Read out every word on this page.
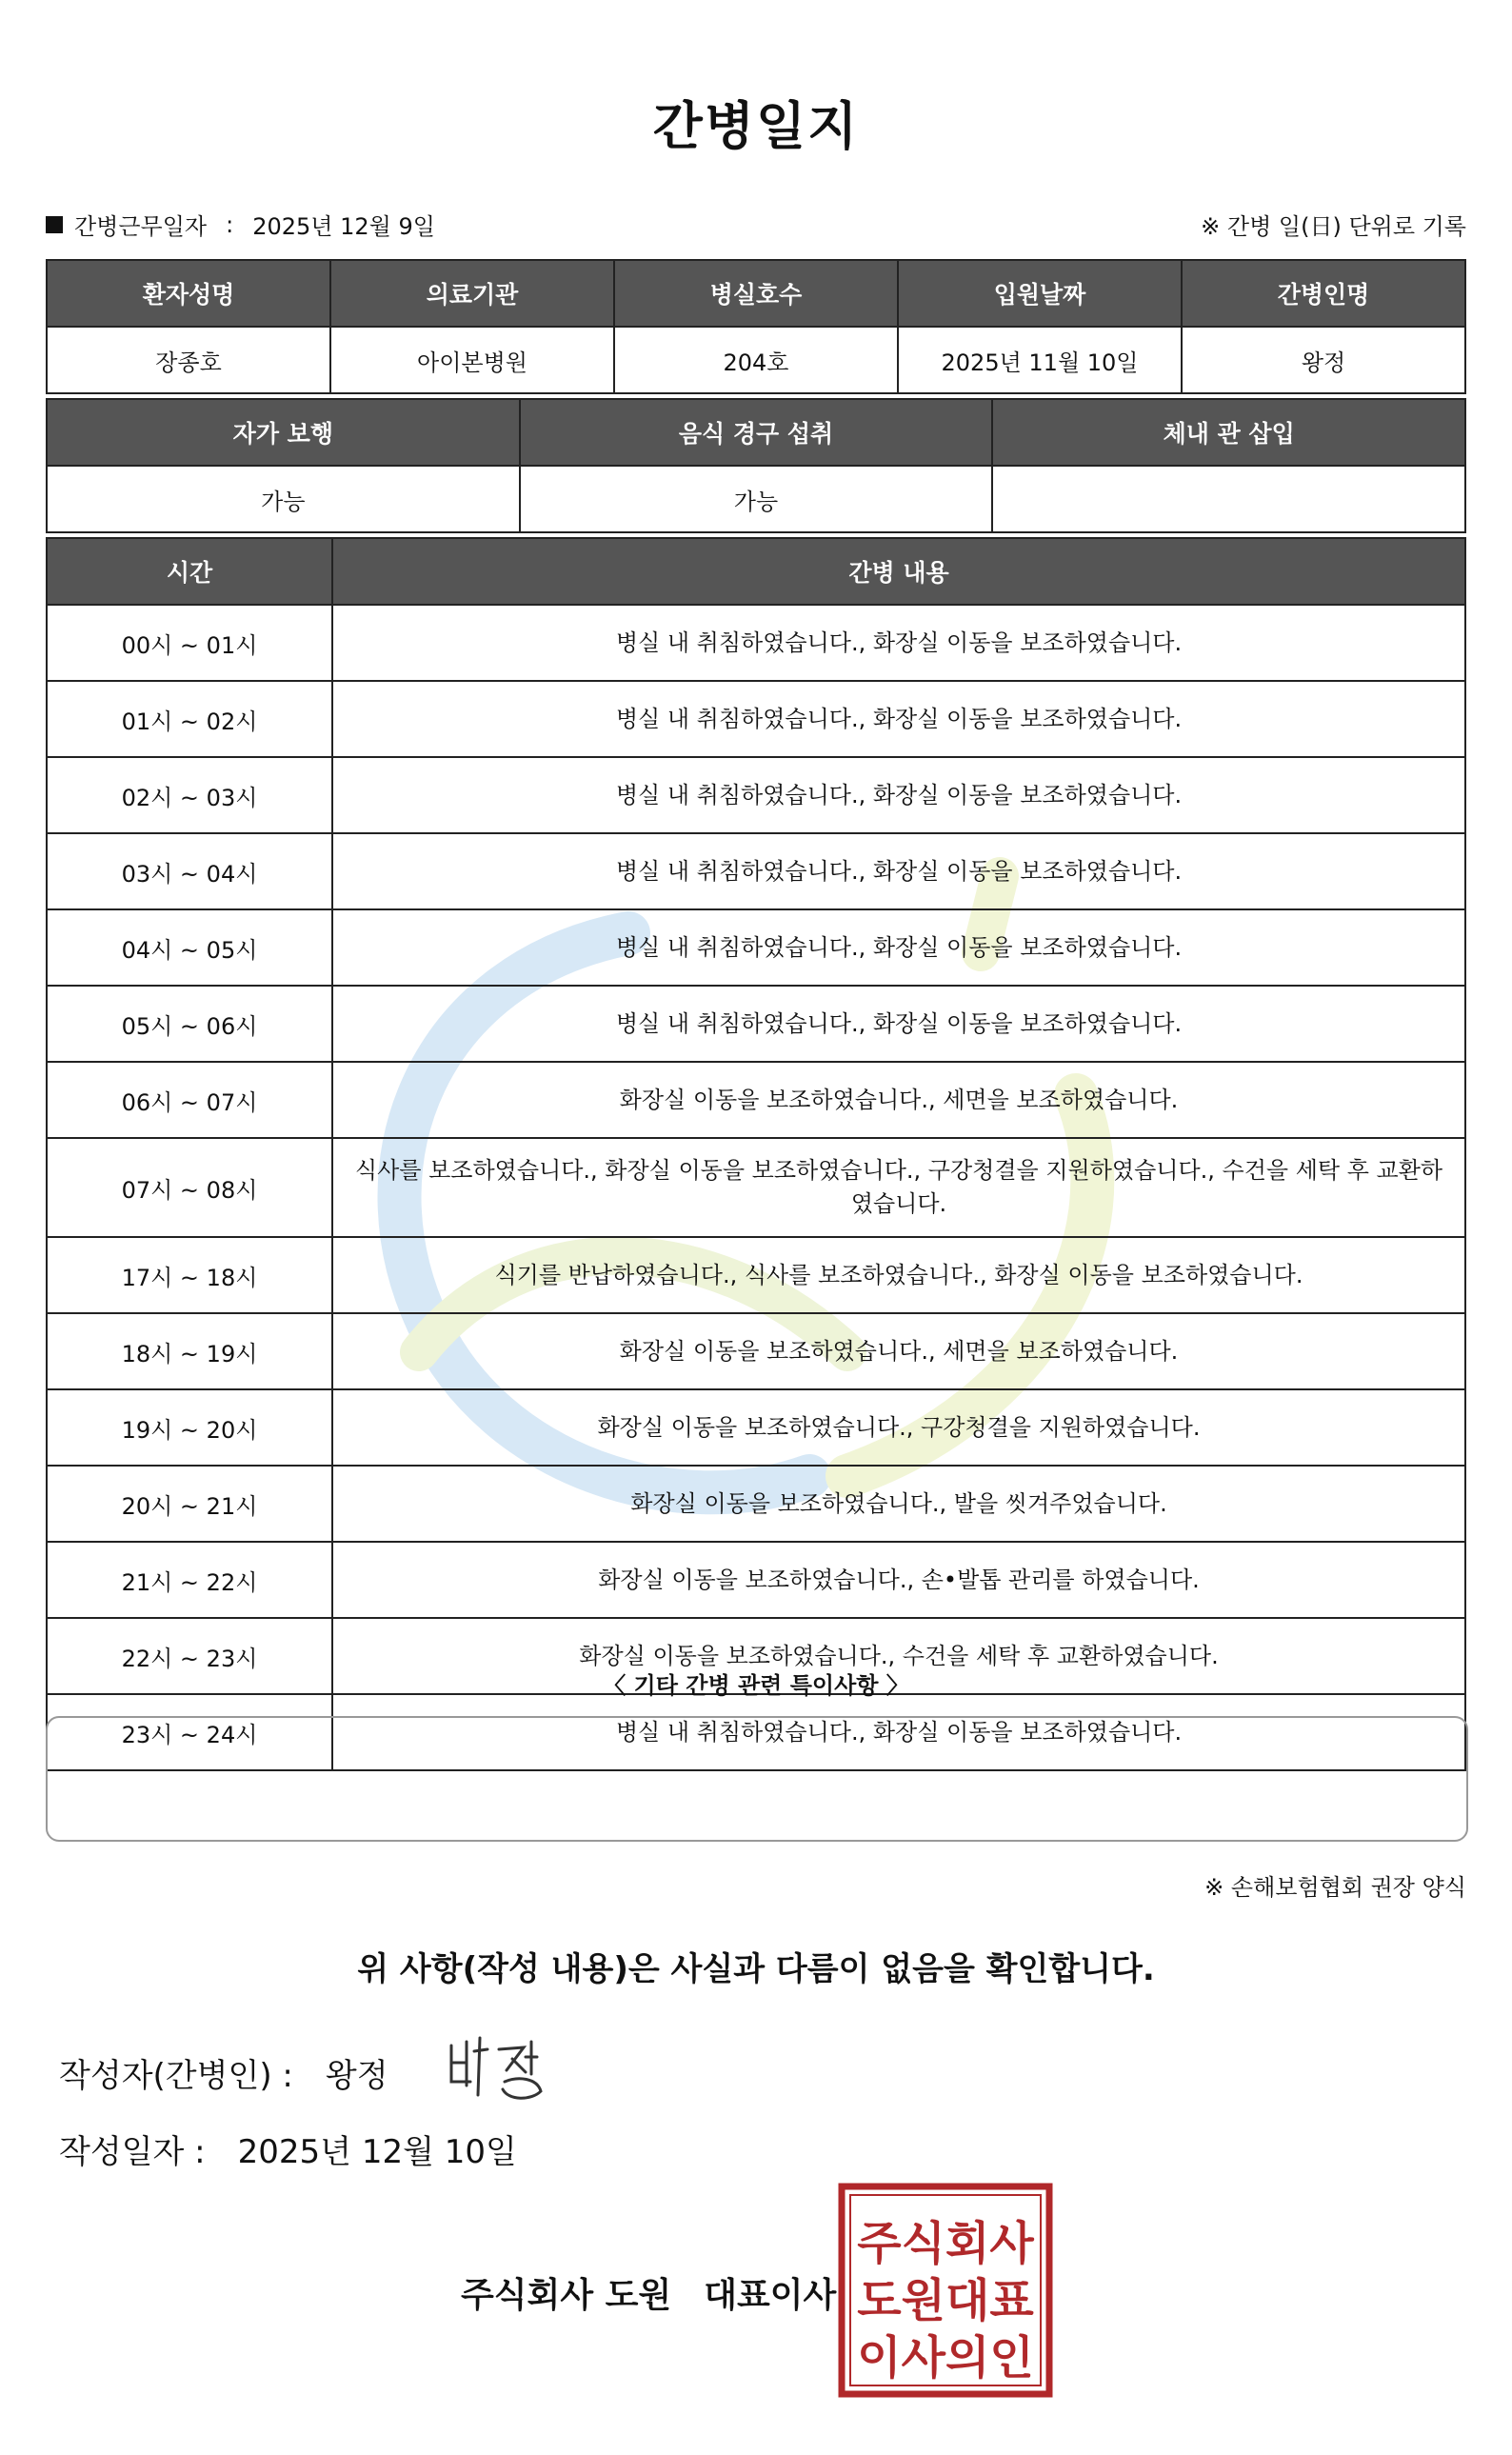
간병일지
간병근무일자 : 2025년 12월 9일	※ 간병 일(日) 단위로 기록
환자성명	의료기관	병실호수	입원날짜	간병인명
장종호	아이본병원	204호	2025년 11월 10일	왕정
자가 보행	음식 경구 섭취	체내 관 삽입
가능	가능	
시간	간병 내용
00시 ~ 01시	병실 내 취침하였습니다., 화장실 이동을 보조하였습니다.
01시 ~ 02시	병실 내 취침하였습니다., 화장실 이동을 보조하였습니다.
02시 ~ 03시	병실 내 취침하였습니다., 화장실 이동을 보조하였습니다.
03시 ~ 04시	병실 내 취침하였습니다., 화장실 이동을 보조하였습니다.
04시 ~ 05시	병실 내 취침하였습니다., 화장실 이동을 보조하였습니다.
05시 ~ 06시	병실 내 취침하였습니다., 화장실 이동을 보조하였습니다.
06시 ~ 07시	화장실 이동을 보조하였습니다., 세면을 보조하였습니다.
07시 ~ 08시	식사를 보조하였습니다., 화장실 이동을 보조하였습니다., 구강청결을 지원하였습니다., 수건을 세탁 후 교환하였습니다.
17시 ~ 18시	식기를 반납하였습니다., 식사를 보조하였습니다., 화장실 이동을 보조하였습니다.
18시 ~ 19시	화장실 이동을 보조하였습니다., 세면을 보조하였습니다.
19시 ~ 20시	화장실 이동을 보조하였습니다., 구강청결을 지원하였습니다.
20시 ~ 21시	화장실 이동을 보조하였습니다., 발을 씻겨주었습니다.
21시 ~ 22시	화장실 이동을 보조하였습니다., 손•발톱 관리를 하였습니다.
22시 ~ 23시	화장실 이동을 보조하였습니다., 수건을 세탁 후 교환하였습니다.
23시 ~ 24시	병실 내 취침하였습니다., 화장실 이동을 보조하였습니다.
〈 기타 간병 관련 특이사항 〉
※ 손해보험협회 권장 양식
위 사항(작성 내용)은 사실과 다름이 없음을 확인합니다.
작성자(간병인) : 왕정
작성일자 : 2025년 12월 10일
주식회사 도원 대표이사
주식회사
도원대표
이사의인
